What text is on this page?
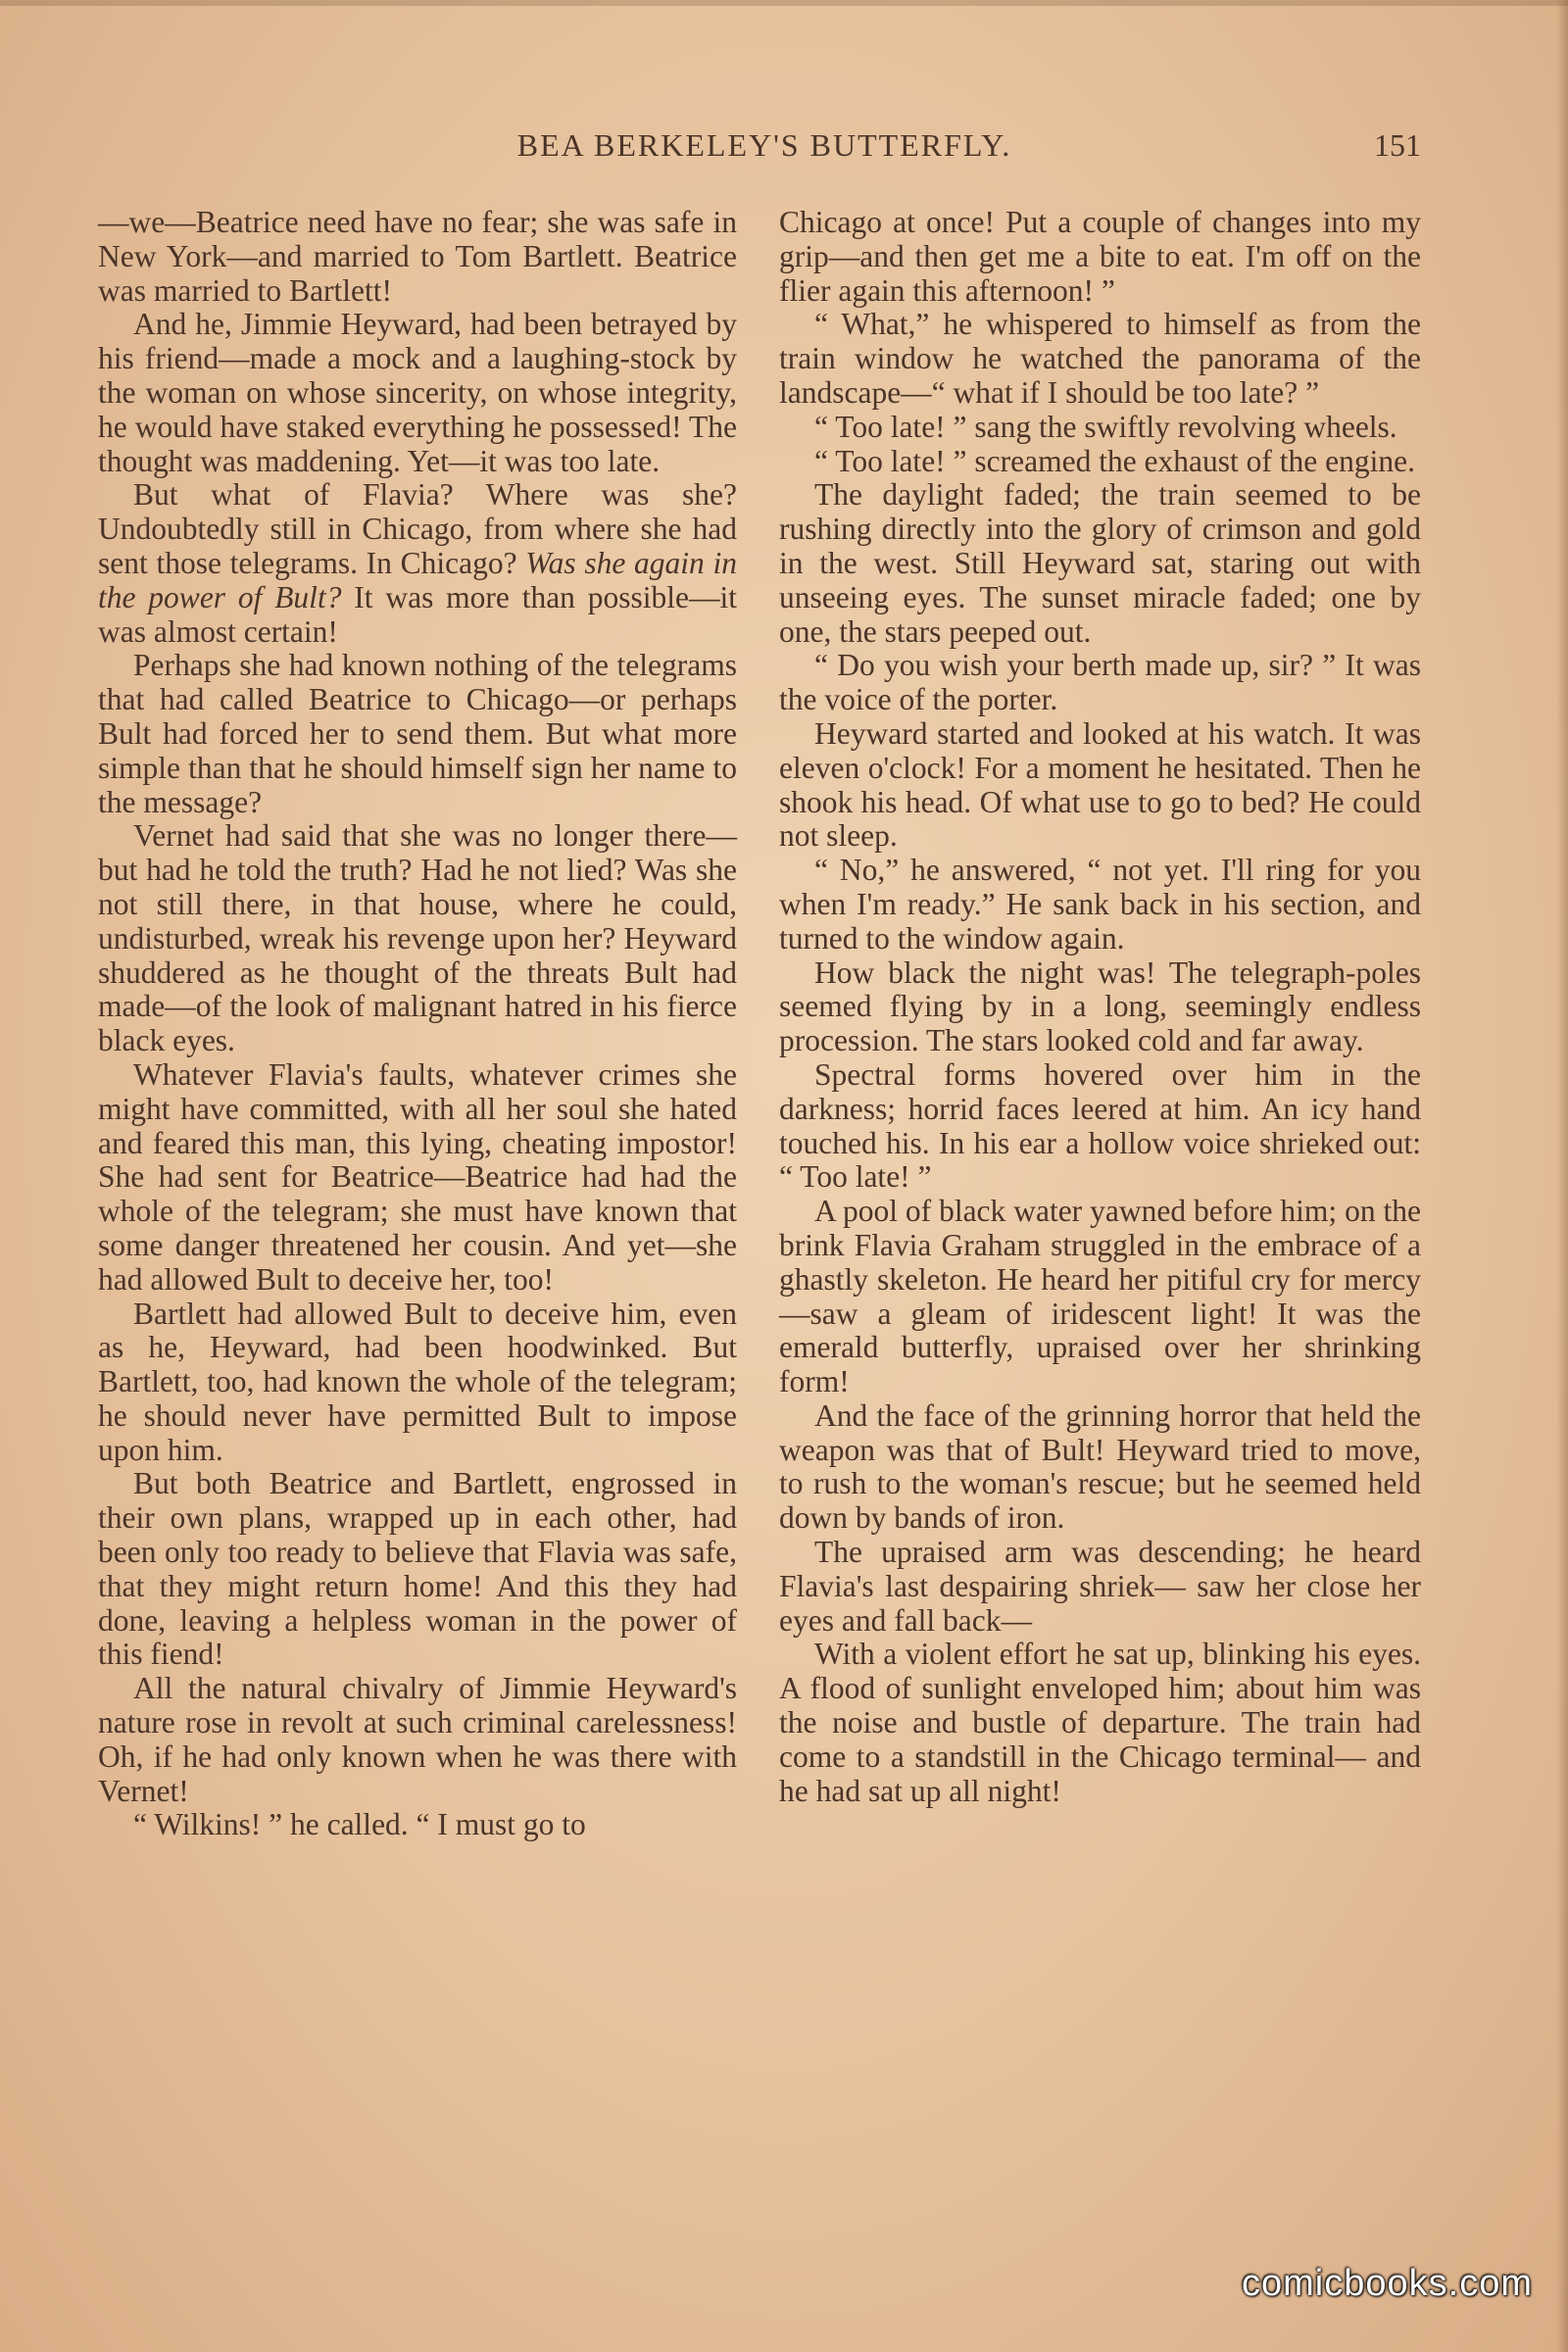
BEA BERKELEY'S BUTTERFLY.	151

—we—Beatrice need have no fear; she was safe in New York—and married to Tom Bartlett. Beatrice was married to Bartlett!

And he, Jimmie Heyward, had been betrayed by his friend—made a mock and a laughing-stock by the woman on whose sincerity, on whose integrity, he would have staked everything he possessed! The thought was maddening. Yet—it was too late.

But what of Flavia? Where was she? Undoubtedly still in Chicago, from where she had sent those telegrams. In Chicago? Was she again in the power of Bult? It was more than possible—it was almost certain!

Perhaps she had known nothing of the telegrams that had called Beatrice to Chicago—or perhaps Bult had forced her to send them. But what more simple than that he should himself sign her name to the message?

Vernet had said that she was no longer there—but had he told the truth? Had he not lied? Was she not still there, in that house, where he could, undisturbed, wreak his revenge upon her? Heyward shuddered as he thought of the threats Bult had made—of the look of malignant hatred in his fierce black eyes.

Whatever Flavia's faults, whatever crimes she might have committed, with all her soul she hated and feared this man, this lying, cheating impostor! She had sent for Beatrice—Beatrice had had the whole of the telegram; she must have known that some danger threatened her cousin. And yet—she had allowed Bult to deceive her, too!

Bartlett had allowed Bult to deceive him, even as he, Heyward, had been hoodwinked. But Bartlett, too, had known the whole of the telegram; he should never have permitted Bult to impose upon him.

But both Beatrice and Bartlett, engrossed in their own plans, wrapped up in each other, had been only too ready to believe that Flavia was safe, that they might return home! And this they had done, leaving a helpless woman in the power of this fiend!

All the natural chivalry of Jimmie Heyward's nature rose in revolt at such criminal carelessness! Oh, if he had only known when he was there with Vernet!

“ Wilkins! ” he called. “ I must go to

Chicago at once! Put a couple of changes into my grip—and then get me a bite to eat. I'm off on the flier again this afternoon! ”

“ What,” he whispered to himself as from the train window he watched the panorama of the landscape—“ what if I should be too late? ”

“ Too late! ” sang the swiftly revolving wheels.

“ Too late! ” screamed the exhaust of the engine.

The daylight faded; the train seemed to be rushing directly into the glory of crimson and gold in the west. Still Heyward sat, staring out with unseeing eyes. The sunset miracle faded; one by one, the stars peeped out.

“ Do you wish your berth made up, sir? ” It was the voice of the porter.

Heyward started and looked at his watch. It was eleven o'clock! For a moment he hesitated. Then he shook his head. Of what use to go to bed? He could not sleep.

“ No,” he answered, “ not yet. I'll ring for you when I'm ready.” He sank back in his section, and turned to the window again.

How black the night was! The telegraph-poles seemed flying by in a long, seemingly endless procession. The stars looked cold and far away.

Spectral forms hovered over him in the darkness; horrid faces leered at him. An icy hand touched his. In his ear a hollow voice shrieked out: “ Too late! ”

A pool of black water yawned before him; on the brink Flavia Graham struggled in the embrace of a ghastly skeleton. He heard her pitiful cry for mercy —saw a gleam of iridescent light! It was the emerald butterfly, upraised over her shrinking form!

And the face of the grinning horror that held the weapon was that of Bult! Heyward tried to move, to rush to the woman's rescue; but he seemed held down by bands of iron.

The upraised arm was descending; he heard Flavia's last despairing shriek— saw her close her eyes and fall back—

With a violent effort he sat up, blinking his eyes. A flood of sunlight enveloped him; about him was the noise and bustle of departure. The train had come to a standstill in the Chicago terminal— and he had sat up all night!

comicbooks.com
